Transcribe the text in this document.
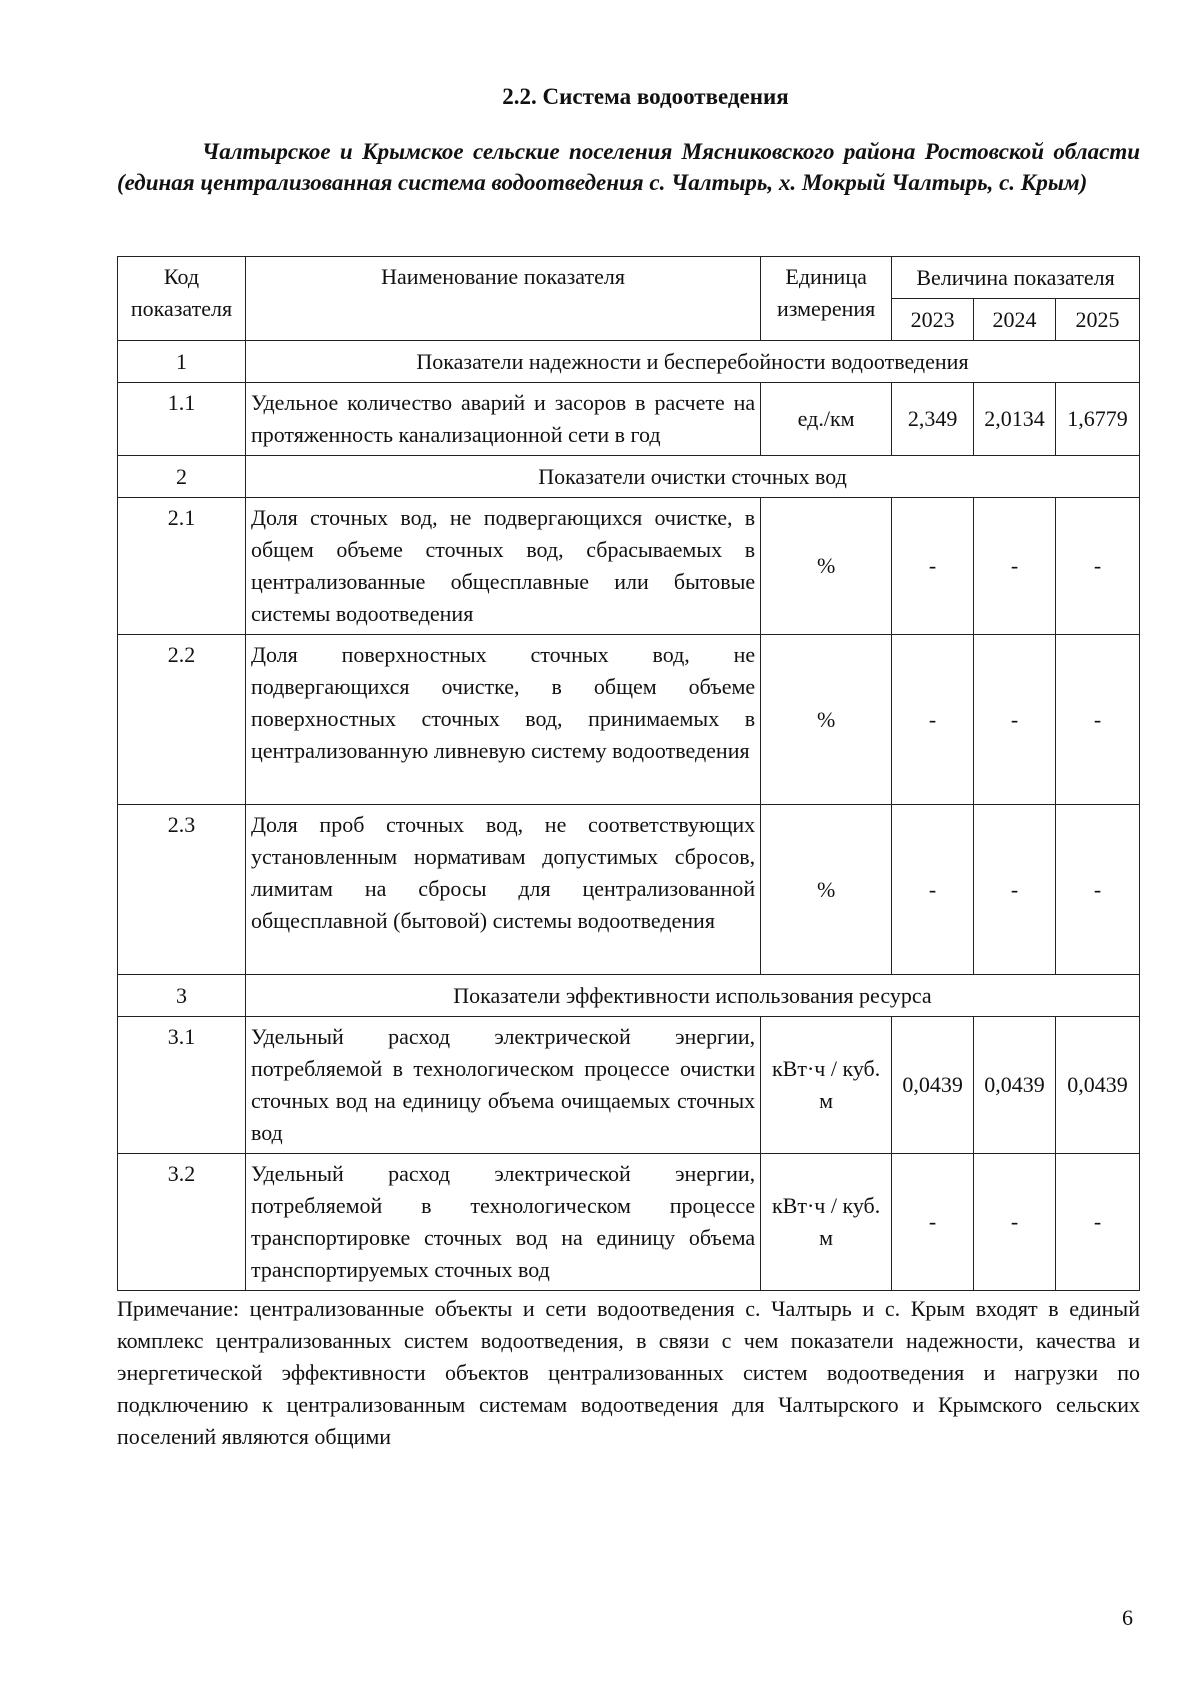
2.2. Система водоотведения
Чалтырское и Крымское сельские поселения Мясниковского района Ростовской области (единая централизованная система водоотведения с. Чалтырь, х. Мокрый Чалтырь, с. Крым)
Код показателя	Наименование показателя	Единица измерения	Величина показателя		
			2023	2024	2025
1	Показатели надежности и бесперебойности водоотведения				
1.1	Удельное количество аварий и засоров в расчете на протяженность канализационной сети в год	ед./км	2,349	2,0134	1,6779
2	Показатели очистки сточных вод				
2.1	Доля сточных вод, не подвергающихся очистке, в общем объеме сточных вод, сбрасываемых в централизованные общесплавные или бытовые системы водоотведения	%	-	-	-
2.2	Доля поверхностных сточных вод, не подвергающихся очистке, в общем объеме поверхностных сточных вод, принимаемых в централизованную ливневую систему водоотведения	%	-	-	-
2.3	Доля проб сточных вод, не соответствующих установленным нормативам допустимых сбросов, лимитам на сбросы для централизованной общесплавной (бытовой) системы водоотведения	%	-	-	-
3	Показатели эффективности использования ресурса				
3.1	Удельный расход электрической энергии, потребляемой в технологическом процессе очистки сточных вод на единицу объема очищаемых сточных вод	кВт·ч / куб. м	0,0439	0,0439	0,0439
3.2	Удельный расход электрической энергии, потребляемой в технологическом процессе транспортировке сточных вод на единицу объема транспортируемых сточных вод	кВт·ч / куб. м	-	-	-
Примечание: централизованные объекты и сети водоотведения с. Чалтырь и с. Крым входят в единый комплекс централизованных систем водоотведения, в связи с чем показатели надежности, качества и энергетической эффективности объектов централизованных систем водоотведения и нагрузки по подключению к централизованным системам водоотведения для Чалтырского и Крымского сельских поселений являются общими
6
